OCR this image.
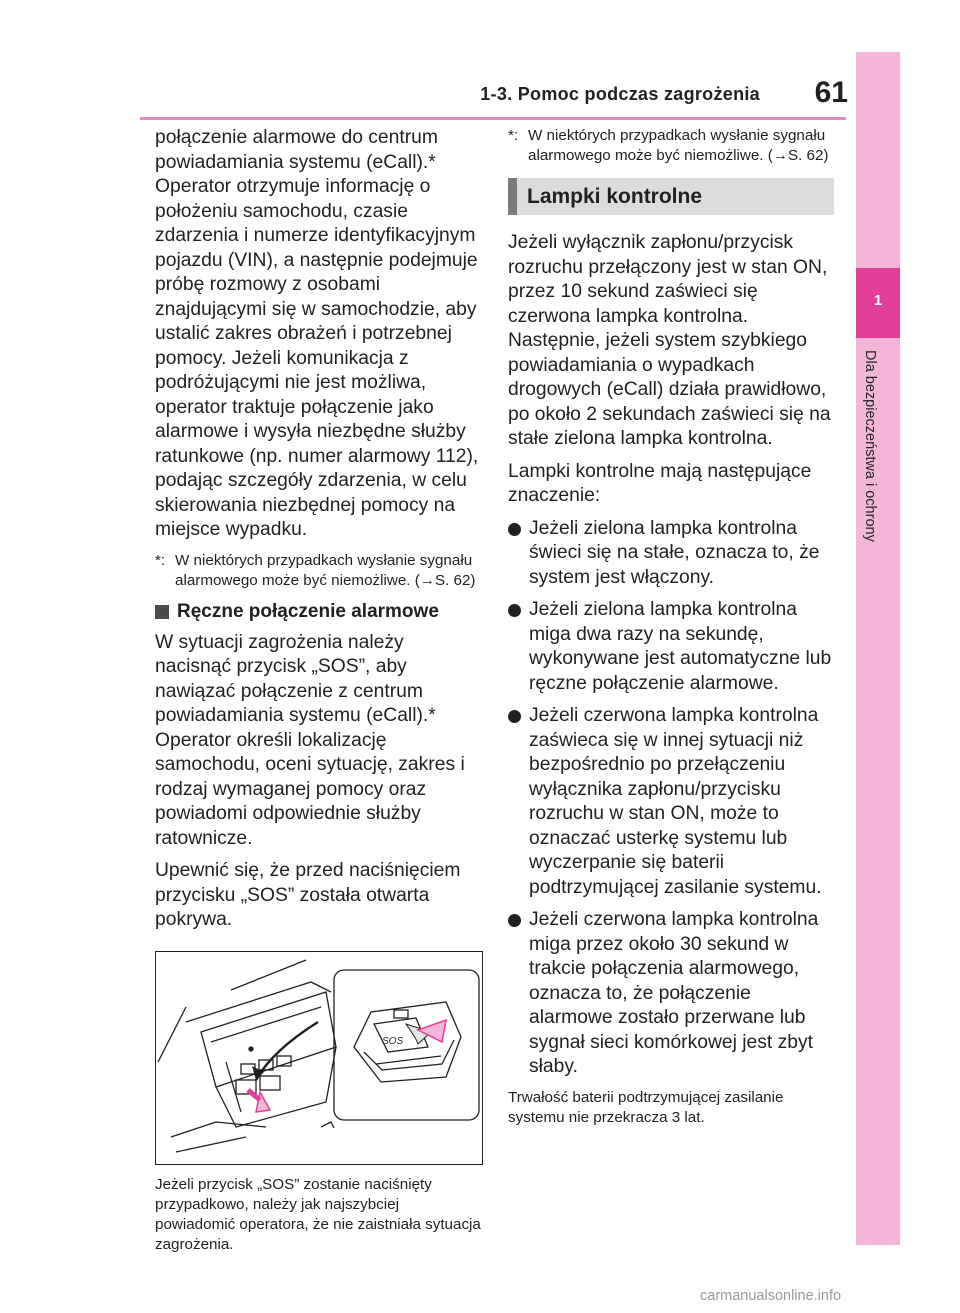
1-3. Pomoc podczas zagrożenia	61
1
Dla bezpieczeństwa i ochrony

połączenie alarmowe do centrum powiadamiania systemu (eCall).* Operator otrzymuje informację o położeniu samochodu, czasie zdarzenia i numerze identyfikacyjnym pojazdu (VIN), a następnie podejmuje próbę rozmowy z osobami znajdującymi się w samochodzie, aby ustalić zakres obrażeń i potrzebnej pomocy. Jeżeli komunikacja z podróżującymi nie jest możliwa, operator traktuje połączenie jako alarmowe i wysyła niezbędne służby ratunkowe (np. numer alarmowy 112), podając szczegóły zdarzenia, w celu skierowania niezbędnej pomocy na miejsce wypadku.

*: W niektórych przypadkach wysłanie sygnału alarmowego może być niemożliwe. (→S. 62)
Ręczne połączenie alarmowe

W sytuacji zagrożenia należy nacisnąć przycisk „SOS”, aby nawiązać połączenie z centrum powiadamiania systemu (eCall).* Operator określi lokalizację samochodu, oceni sytuację, zakres i rodzaj wymaganej pomocy oraz powiadomi odpowiednie służby ratownicze.

Upewnić się, że przed naciśnięciem przycisku „SOS” została otwarta pokrywa.

SOS

Jeżeli przycisk „SOS” zostanie naciśnięty przypadkowo, należy jak najszybciej powiadomić operatora, że nie zaistniała sytuacja zagrożenia.

*: W niektórych przypadkach wysłanie sygnału alarmowego może być niemożliwe. (→S. 62)
Lampki kontrolne

Jeżeli wyłącznik zapłonu/przycisk rozruchu przełączony jest w stan ON, przez 10 sekund zaświeci się czerwona lampka kontrolna. Następnie, jeżeli system szybkiego powiadamiania o wypadkach drogowych (eCall) działa prawidłowo, po około 2 sekundach zaświeci się na stałe zielona lampka kontrolna.

Lampki kontrolne mają następujące znaczenie:

Jeżeli zielona lampka kontrolna świeci się na stałe, oznacza to, że system jest włączony.
Jeżeli zielona lampka kontrolna miga dwa razy na sekundę, wykonywane jest automatyczne lub ręczne połączenie alarmowe.
Jeżeli czerwona lampka kontrolna zaświeca się w innej sytuacji niż bezpośrednio po przełączeniu wyłącznika zapłonu/przycisku rozruchu w stan ON, może to oznaczać usterkę systemu lub wyczerpanie się baterii podtrzymującej zasilanie systemu.
Jeżeli czerwona lampka kontrolna miga przez około 30 sekund w trakcie połączenia alarmowego, oznacza to, że połączenie alarmowe zostało przerwane lub sygnał sieci komórkowej jest zbyt słaby.

Trwałość baterii podtrzymującej zasilanie systemu nie przekracza 3 lat.

carmanualsonline.info
